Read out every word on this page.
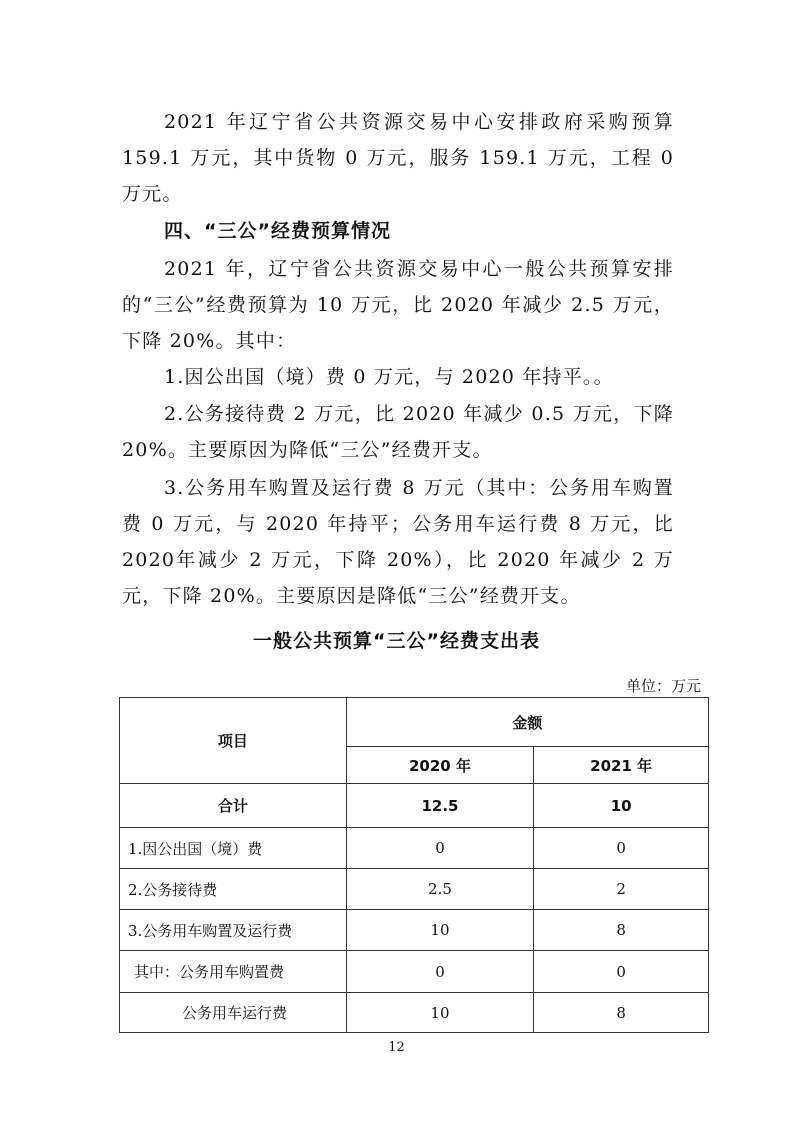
2021 年辽宁省公共资源交易中心安排政府采购预算159.1 万元，其中货物 0 万元，服务 159.1 万元，工程 0 万元。

四、“三公”经费预算情况

2021 年，辽宁省公共资源交易中心一般公共预算安排的“三公”经费预算为 10 万元，比 2020 年减少 2.5 万元，下降 20%。其中：

1.因公出国（境）费 0 万元，与 2020 年持平。。

2.公务接待费 2 万元，比 2020 年减少 0.5 万元，下降20%。主要原因为降低“三公”经费开支。

3.公务用车购置及运行费 8 万元（其中：公务用车购置费 0 万元，与 2020 年持平；公务用车运行费 8 万元，比 2020年减少 2 万元，下降 20%），比 2020 年减少 2 万元，下降 20%。主要原因是降低“三公”经费开支。

一般公共预算“三公”经费支出表
单位：万元
项目	金额	
	2020 年	2021 年
合计	12.5	10
1.因公出国（境）费	0	0
2.公务接待费	2.5	2
3.公务用车购置及运行费	10	8
其中：公务用车购置费	0	0
公务用车运行费	10	8
12
